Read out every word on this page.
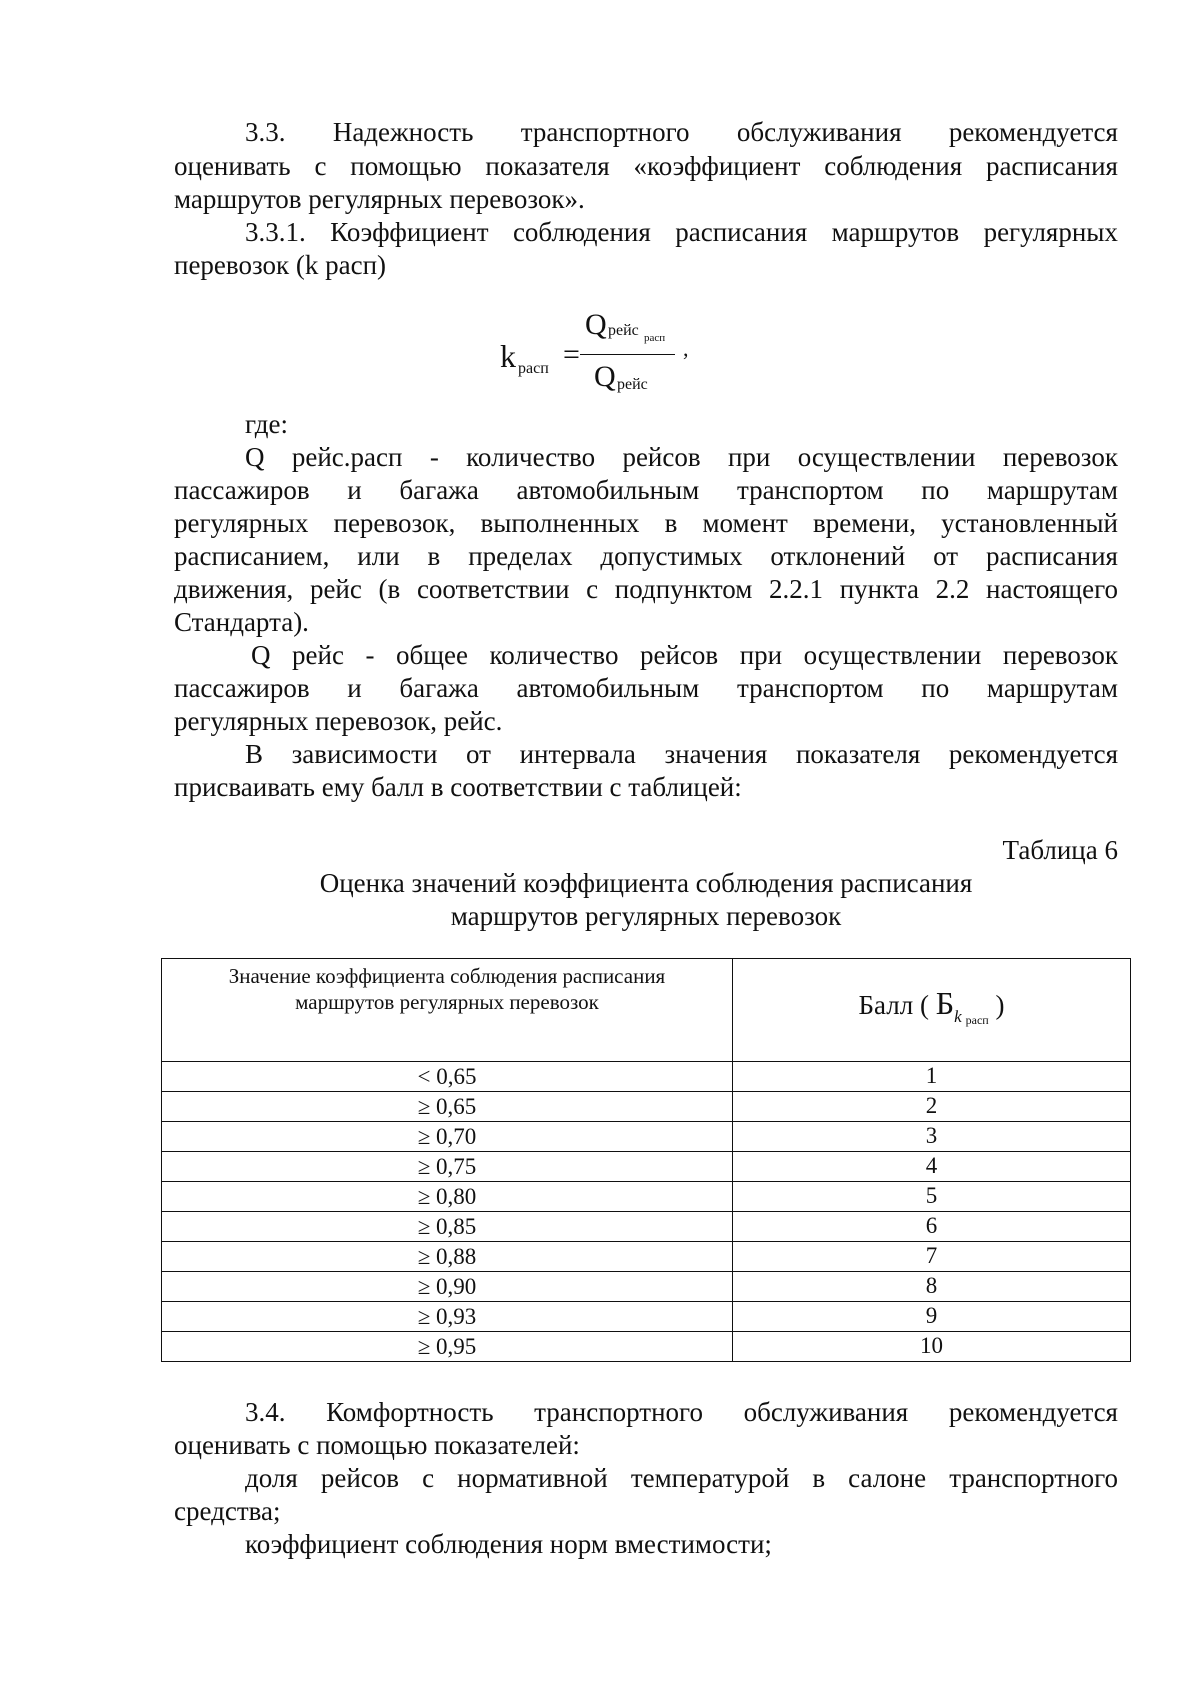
3.3. Надежность транспортного обслуживания рекомендуется
оценивать с помощью показателя «коэффициент соблюдения расписания
маршрутов регулярных перевозок».
3.3.1. Коэффициент соблюдения расписания маршрутов регулярных
перевозок (k расп)
k расп =
Q рейс расп
Q рейс
,
где:
Q рейс.расп - количество рейсов при осуществлении перевозок
пассажиров и багажа автомобильным транспортом по маршрутам
регулярных перевозок, выполненных в момент времени, установленный
расписанием, или в пределах допустимых отклонений от расписания
движения, рейс (в соответствии с подпунктом 2.2.1 пункта 2.2 настоящего
Стандарта).
Q рейс - общее количество рейсов при осуществлении перевозок
пассажиров и багажа автомобильным транспортом по маршрутам
регулярных перевозок, рейс.
В зависимости от интервала значения показателя рекомендуется
присваивать ему балл в соответствии с таблицей:
Таблица 6
Оценка значений коэффициента соблюдения расписания
маршрутов регулярных перевозок
Значение коэффициента соблюдения расписания
маршрутов регулярных перевозок	Балл ( $Б_k$ $_{расп}$ )
< 0,65	1
≥ 0,65	2
≥ 0,70	3
≥ 0,75	4
≥ 0,80	5
≥ 0,85	6
≥ 0,88	7
≥ 0,90	8
≥ 0,93	9
≥ 0,95	10
3.4. Комфортность транспортного обслуживания рекомендуется
оценивать с помощью показателей:
доля рейсов с нормативной температурой в салоне транспортного
средства;
коэффициент соблюдения норм вместимости;
